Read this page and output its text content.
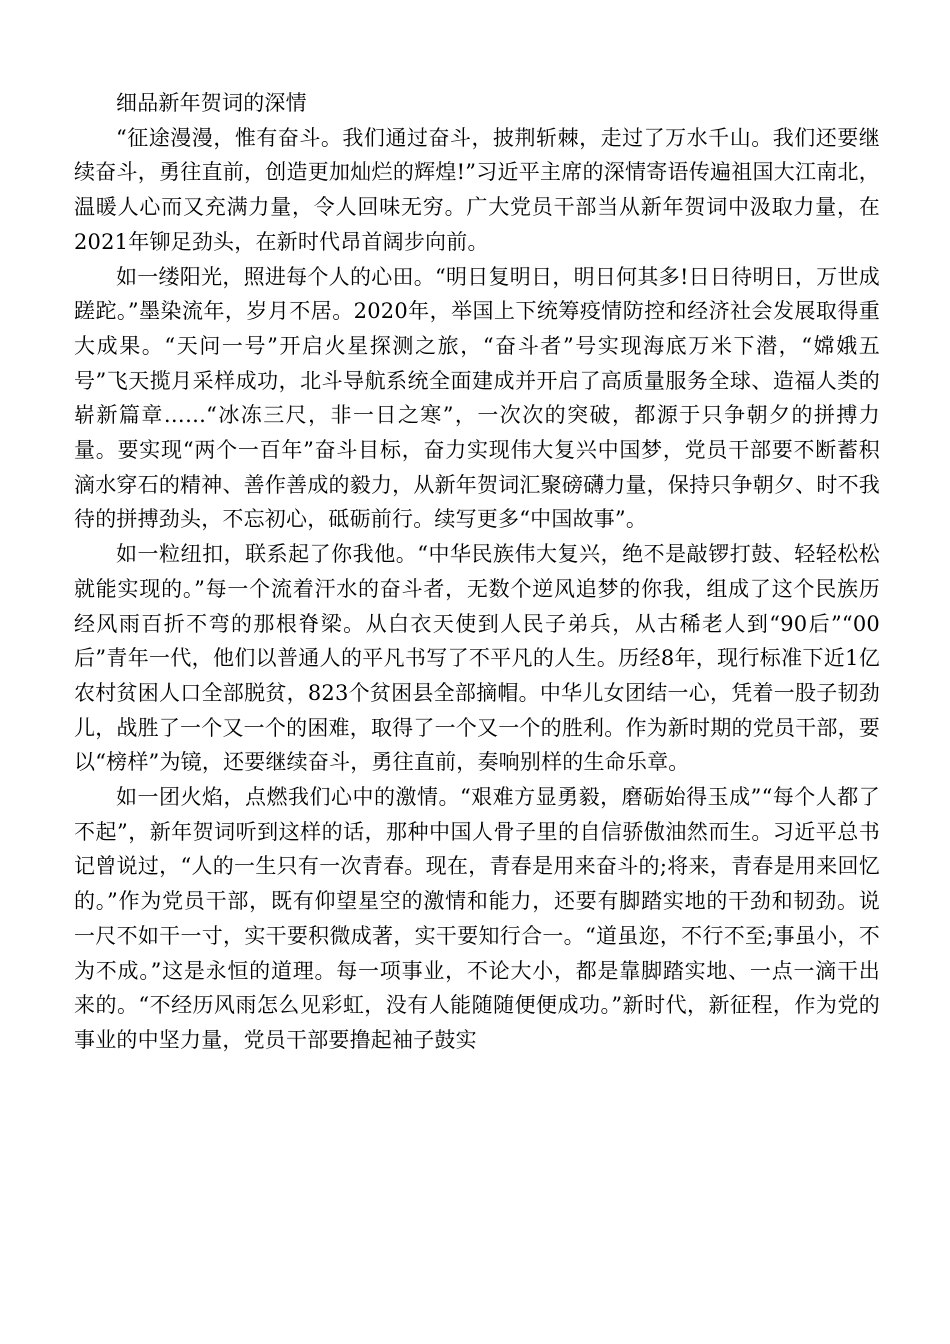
细品新年贺词的深情

“征途漫漫，惟有奋斗。我们通过奋斗，披荆斩棘，走过了万水千山。我们还要继续奋斗，勇往直前，创造更加灿烂的辉煌!”习近平主席的深情寄语传遍祖国大江南北，温暖人心而又充满力量，令人回味无穷。广大党员干部当从新年贺词中汲取力量，在2021年铆足劲头，在新时代昂首阔步向前。

如一缕阳光，照进每个人的心田。“明日复明日，明日何其多!日日待明日，万世成蹉跎。”墨染流年，岁月不居。2020年，举国上下统筹疫情防控和经济社会发展取得重大成果。“天问一号”开启火星探测之旅，“奋斗者”号实现海底万米下潜，“嫦娥五号”飞天揽月采样成功，北斗导航系统全面建成并开启了高质量服务全球、造福人类的崭新篇章……“冰冻三尺，非一日之寒”，一次次的突破，都源于只争朝夕的拼搏力量。要实现“两个一百年”奋斗目标，奋力实现伟大复兴中国梦，党员干部要不断蓄积滴水穿石的精神、善作善成的毅力，从新年贺词汇聚磅礴力量，保持只争朝夕、时不我待的拼搏劲头，不忘初心，砥砺前行。续写更多“中国故事”。

如一粒纽扣，联系起了你我他。“中华民族伟大复兴，绝不是敲锣打鼓、轻轻松松就能实现的。”每一个流着汗水的奋斗者，无数个逆风追梦的你我，组成了这个民族历经风雨百折不弯的那根脊梁。从白衣天使到人民子弟兵，从古稀老人到“90后”“00后”青年一代，他们以普通人的平凡书写了不平凡的人生。历经8年，现行标准下近1亿农村贫困人口全部脱贫，823个贫困县全部摘帽。中华儿女团结一心，凭着一股子韧劲儿，战胜了一个又一个的困难，取得了一个又一个的胜利。作为新时期的党员干部，要以“榜样”为镜，还要继续奋斗，勇往直前，奏响别样的生命乐章。

如一团火焰，点燃我们心中的激情。“艰难方显勇毅，磨砺始得玉成”“每个人都了不起”，新年贺词听到这样的话，那种中国人骨子里的自信骄傲油然而生。习近平总书记曾说过，“人的一生只有一次青春。现在，青春是用来奋斗的;将来，青春是用来回忆的。”作为党员干部，既有仰望星空的激情和能力，还要有脚踏实地的干劲和韧劲。说一尺不如干一寸，实干要积微成著，实干要知行合一。“道虽迩，不行不至;事虽小，不为不成。”这是永恒的道理。每一项事业，不论大小，都是靠脚踏实地、一点一滴干出来的。“不经历风雨怎么见彩虹，没有人能随随便便成功。”新时代，新征程，作为党的事业的中坚力量，党员干部要撸起袖子鼓实
